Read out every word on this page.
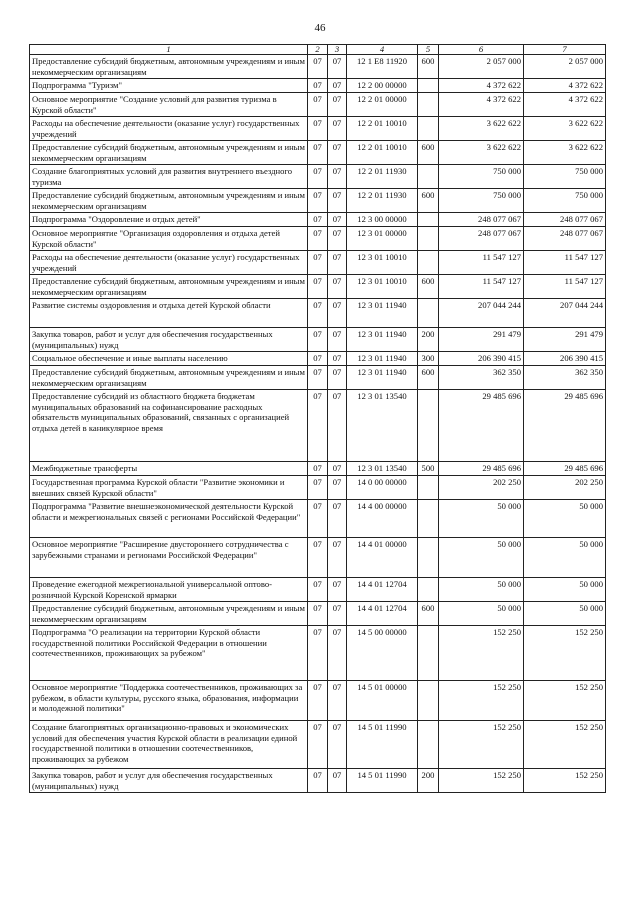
46
1	2	3	4	5	6	7
Предоставление субсидий бюджетным, автономным учреждениям и иным некоммерческим организациям	07	07	12 1 E8 11920	600	2 057 000	2 057 000
Подпрограмма "Туризм"	07	07	12 2 00 00000		4 372 622	4 372 622
Основное мероприятие "Создание условий для развития туризма в Курской области"	07	07	12 2 01 00000		4 372 622	4 372 622
Расходы на обеспечение деятельности (оказание услуг) государственных учреждений	07	07	12 2 01 10010		3 622 622	3 622 622
Предоставление субсидий бюджетным, автономным учреждениям и иным некоммерческим организациям	07	07	12 2 01 10010	600	3 622 622	3 622 622
Создание благоприятных условий для развития внутреннего въездного туризма	07	07	12 2 01 11930		750 000	750 000
Предоставление субсидий бюджетным, автономным учреждениям и иным некоммерческим организациям	07	07	12 2 01 11930	600	750 000	750 000
Подпрограмма "Оздоровление и отдых детей"	07	07	12 3 00 00000		248 077 067	248 077 067
Основное мероприятие "Организация оздоровления и отдыха детей Курской области"	07	07	12 3 01 00000		248 077 067	248 077 067
Расходы на обеспечение деятельности (оказание услуг) государственных учреждений	07	07	12 3 01 10010		11 547 127	11 547 127
Предоставление субсидий бюджетным, автономным учреждениям и иным некоммерческим организациям	07	07	12 3 01 10010	600	11 547 127	11 547 127
Развитие системы оздоровления и отдыха детей Курской области	07	07	12 3 01 11940		207 044 244	207 044 244
Закупка товаров, работ и услуг для обеспечения государственных (муниципальных) нужд	07	07	12 3 01 11940	200	291 479	291 479
Социальное обеспечение и иные выплаты населению	07	07	12 3 01 11940	300	206 390 415	206 390 415
Предоставление субсидий бюджетным, автономным учреждениям и иным некоммерческим организациям	07	07	12 3 01 11940	600	362 350	362 350
Предоставление субсидий из областного бюджета бюджетам муниципальных образований на софинансирование расходных обязательств муниципальных образований, связанных с организацией отдыха детей в каникулярное время	07	07	12 3 01 13540		29 485 696	29 485 696
Межбюджетные трансферты	07	07	12 3 01 13540	500	29 485 696	29 485 696
Государственная программа Курской области "Развитие экономики и внешних связей Курской области"	07	07	14 0 00 00000		202 250	202 250
Подпрограмма "Развитие внешнеэкономической деятельности Курской области и межрегиональных связей с регионами Российской Федерации"	07	07	14 4 00 00000		50 000	50 000
Основное мероприятие "Расширение двустороннего сотрудничества с зарубежными странами и регионами Российской Федерации"	07	07	14 4 01 00000		50 000	50 000
Проведение ежегодной межрегиональной универсальной оптово-розничной Курской Коренской ярмарки	07	07	14 4 01 12704		50 000	50 000
Предоставление субсидий бюджетным, автономным учреждениям и иным некоммерческим организациям	07	07	14 4 01 12704	600	50 000	50 000
Подпрограмма "О реализации на территории Курской области государственной политики Российской Федерации в отношении соотечественников, проживающих за рубежом"	07	07	14 5 00 00000		152 250	152 250
Основное мероприятие "Поддержка соотечественников, проживающих за рубежом, в области культуры, русского языка, образования, информации и молодежной политики"	07	07	14 5 01 00000		152 250	152 250
Создание благоприятных организационно-правовых и экономических условий для обеспечения участия Курской области в реализации единой государственной политики в отношении соотечественников, проживающих за рубежом	07	07	14 5 01 11990		152 250	152 250
Закупка товаров, работ и услуг для обеспечения государственных (муниципальных) нужд	07	07	14 5 01 11990	200	152 250	152 250
